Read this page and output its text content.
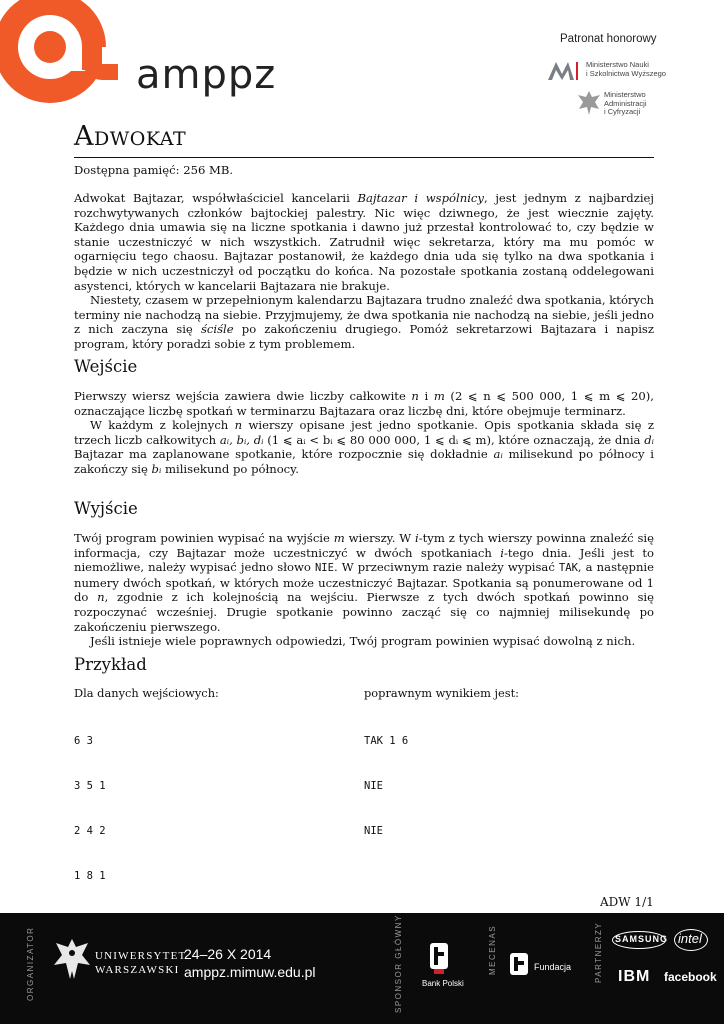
amppz
Patronat honorowy
Ministerstwo Nauki
i Szkolnictwa Wyższego
Ministerstwo
Administracji
i Cyfryzacji
Adwokat
Dostępna pamięć: 256 MB.

Adwokat Bajtazar, współwłaściciel kancelarii Bajtazar i wspólnicy, jest jednym z najbardziej rozchwytywanych członków bajtockiej palestry. Nic więc dziwnego, że jest wiecznie zajęty. Każdego dnia umawia się na liczne spotkania i dawno już przestał kontrolować to, czy będzie w stanie uczestniczyć w nich wszystkich. Zatrudnił więc sekretarza, który ma mu pomóc w ogarnięciu tego chaosu. Bajtazar postanowił, że każdego dnia uda się tylko na dwa spotkania i będzie w nich uczestniczył od początku do końca. Na pozostałe spotkania zostaną oddelegowani asystenci, których w kancelarii Bajtazara nie brakuje.

Niestety, czasem w przepełnionym kalendarzu Bajtazara trudno znaleźć dwa spotkania, których terminy nie nachodzą na siebie. Przyjmujemy, że dwa spotkania nie nachodzą na siebie, jeśli jedno z nich zaczyna się ściśle po zakończeniu drugiego. Pomóż sekretarzowi Bajtazara i napisz program, który poradzi sobie z tym problemem.

Wejście

Pierwszy wiersz wejścia zawiera dwie liczby całkowite n i m (2 ⩽ n ⩽ 500 000, 1 ⩽ m ⩽ 20), oznaczające liczbę spotkań w terminarzu Bajtazara oraz liczbę dni, które obejmuje terminarz.

W każdym z kolejnych n wierszy opisane jest jedno spotkanie. Opis spotkania składa się z trzech liczb całkowitych aᵢ, bᵢ, dᵢ (1 ⩽ aᵢ < bᵢ ⩽ 80 000 000, 1 ⩽ dᵢ ⩽ m), które oznaczają, że dnia dᵢ Bajtazar ma zaplanowane spotkanie, które rozpocznie się dokładnie aᵢ milisekund po północy i zakończy się bᵢ milisekund po północy.

Wyjście

Twój program powinien wypisać na wyjście m wierszy. W i-tym z tych wierszy powinna znaleźć się informacja, czy Bajtazar może uczestniczyć w dwóch spotkaniach i-tego dnia. Jeśli jest to niemożliwe, należy wypisać jedno słowo NIE. W przeciwnym razie należy wypisać TAK, a następnie numery dwóch spotkań, w których może uczestniczyć Bajtazar. Spotkania są ponumerowane od 1 do n, zgodnie z ich kolejnością na wejściu. Pierwsze z tych dwóch spotkań powinno się rozpoczynać wcześniej. Drugie spotkanie powinno zacząć się co najmniej milisekundę po zakończeniu pierwszego.

Jeśli istnieje wiele poprawnych odpowiedzi, Twój program powinien wypisać dowolną z nich.

Przykład
Dla danych wejściowych:	poprawnym wynikiem jest:

6 3

3 5 1

2 4 2

1 8 1

TAK 1 6

NIE

NIE

ADW 1/1
ORGANIZATOR	UNIWERSYTET
WARSZAWSKI
24–26 X 2014
amppz.mimuw.edu.pl	SPONSOR GŁÓWNY Bank Polski
MECENAS	Fundacja	PARTNERZY SAMSUNG intel
IBM facebook
